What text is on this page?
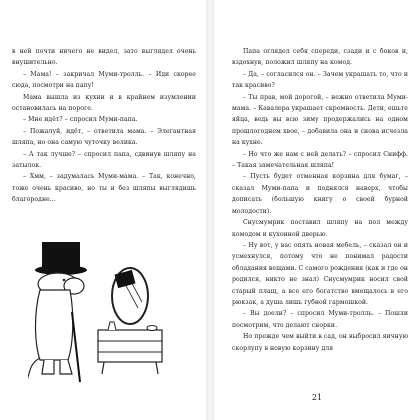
в ней почти ничего не видел, зато выглядел очень внушительно.

– Мама! – закричал Муми-тролль. – Иди скорее сюда, посмотри на папу!

Мама вышла из кухни и в крайнем изумлении остановилась на пороге.

– Мне идёт? – спросил Муми-папа.

– Пожалуй, идёт, – ответила мама. – Элегантная шляпа, но она самую чуточку велика.

– А так лучше? – спросил папа, сдвинув шляпу на затылок.

– Хмм, – задумалась Муми-мама. – Так, конечно, тоже очень красиво, но ты и без шляпы выглядишь благородне...

Папа оглядел себя спереди, сзади и с боков и, вздохнув, положил шляпу на комод.

– Да, – согласился он. – Зачем украшать то, что и так красиво?

– Ты прав, мой дорогой, – нежно ответила Муми-мама. – Кавалера украшает скромность. Дети, ешьте яйца, ведь вы всю зиму продержались на одном прошлогоднем хвое, – добавила она и снова исчезла на кухне.

– Но что же нам с ней делать? – спросил Снифф. – Такая замечательная шляпа!

– Пусть будет отменная корзина для бумаг, – сказал Муми-папа и поднялся наверх, чтобы дописать (большую книгу о своей бурной молодости).

Снусмумрик поставил шляпу на пол между комодом и кухонной дверью.

– Ну вот, у вас опять новая мебель, – сказал он и усмехнулся, потому что не понимал радости обладания вещами. С самого рождения (как и где он родился, никто не знал) Снусмумрик носил свой старый плащ, а все его богатство вмещалось в его рюкзак, а душа лишь губной гармошкой.

– Вы доели? – спросил Муми-тролль. – Пошли посмотрим, что делают снорки.

Но прежде чем выйти в сад, он выбросил яичную скорлупу в новую корзину для

21
